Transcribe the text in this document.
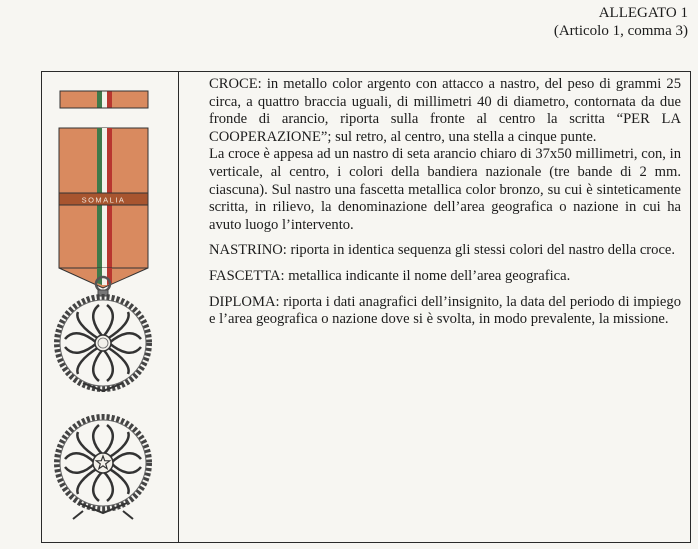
ALLEGATO 1
(Articolo 1, comma 3)
SOMALIA

CROCE: in metallo color argento con attacco a nastro, del peso di grammi 25 circa, a quattro braccia uguali, di millimetri 40 di diametro, contornata da due fronde di arancio, riporta sulla fronte al centro la scritta “PER LA COOPERAZIONE”; sul retro, al centro, una stella a cinque punte.

La croce è appesa ad un nastro di seta arancio chiaro di 37x50 millimetri, con, in verticale, al centro, i colori della bandiera nazionale (tre bande di 2 mm. ciascuna). Sul nastro una fascetta metallica color bronzo, su cui è sinteticamente scritta, in rilievo, la denominazione dell’area geografica o nazione in cui ha avuto luogo l’intervento.

NASTRINO: riporta in identica sequenza gli stessi colori del nastro della croce.

FASCETTA: metallica indicante il nome dell’area geografica.

DIPLOMA: riporta i dati anagrafici dell’insignito, la data del periodo di impiego e l’area geografica o nazione dove si è svolta, in modo prevalente, la missione.
